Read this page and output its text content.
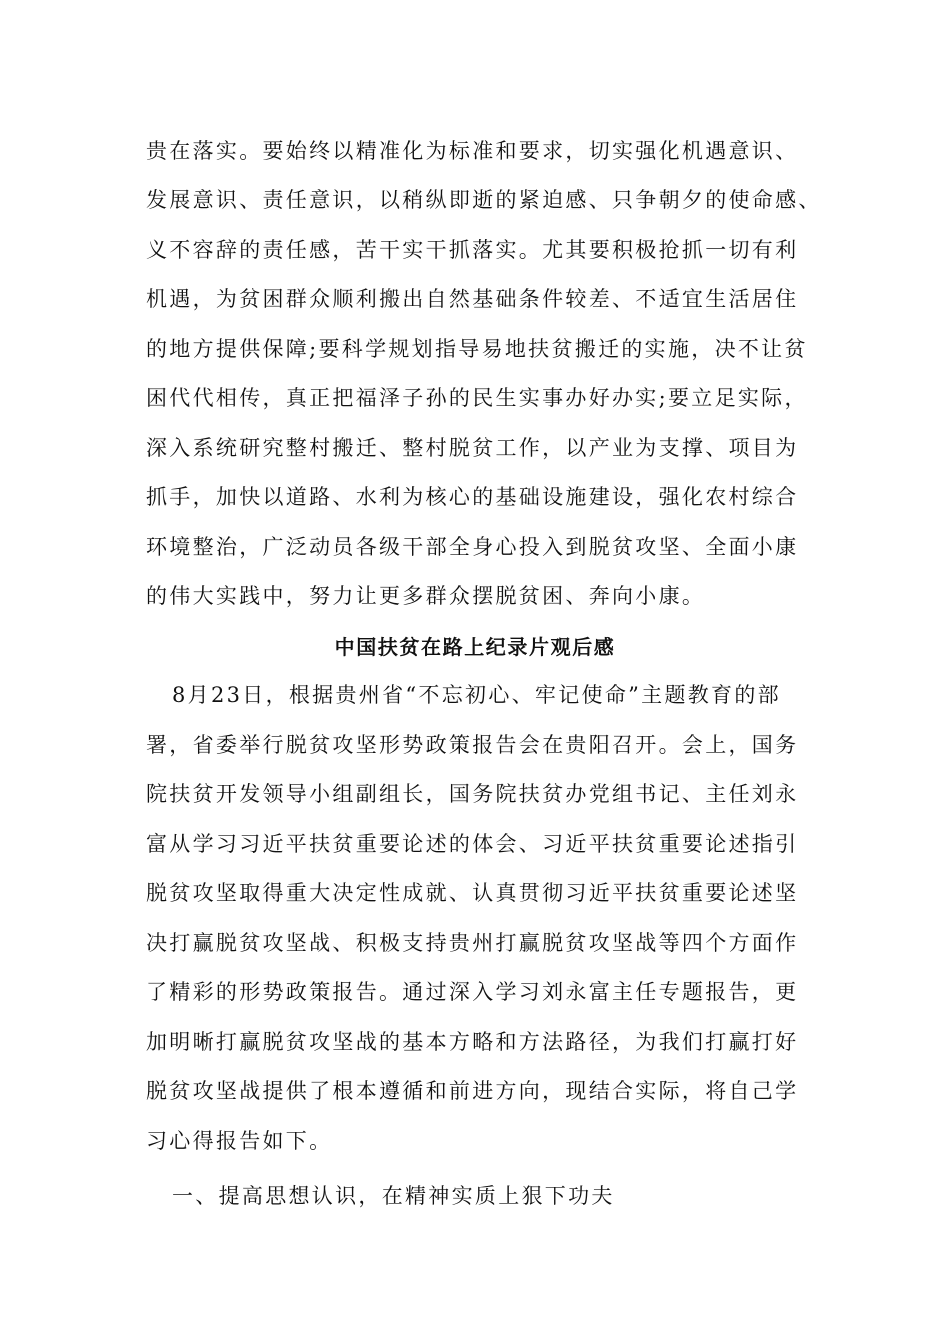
贵在落实。要始终以精准化为标准和要求，切实强化机遇意识、

发展意识、责任意识，以稍纵即逝的紧迫感、只争朝夕的使命感、

义不容辞的责任感，苦干实干抓落实。尤其要积极抢抓一切有利

机遇，为贫困群众顺利搬出自然基础条件较差、不适宜生活居住

的地方提供保障;要科学规划指导易地扶贫搬迁的实施，决不让贫

困代代相传，真正把福泽子孙的民生实事办好办实;要立足实际，

深入系统研究整村搬迁、整村脱贫工作，以产业为支撑、项目为

抓手，加快以道路、水利为核心的基础设施建设，强化农村综合

环境整治，广泛动员各级干部全身心投入到脱贫攻坚、全面小康

的伟大实践中，努力让更多群众摆脱贫困、奔向小康。

中国扶贫在路上纪录片观后感

8月23日，根据贵州省“不忘初心、牢记使命”主题教育的部

署，省委举行脱贫攻坚形势政策报告会在贵阳召开。会上，国务

院扶贫开发领导小组副组长，国务院扶贫办党组书记、主任刘永

富从学习习近平扶贫重要论述的体会、习近平扶贫重要论述指引

脱贫攻坚取得重大决定性成就、认真贯彻习近平扶贫重要论述坚

决打赢脱贫攻坚战、积极支持贵州打赢脱贫攻坚战等四个方面作

了精彩的形势政策报告。通过深入学习刘永富主任专题报告，更

加明晰打赢脱贫攻坚战的基本方略和方法路径，为我们打赢打好

脱贫攻坚战提供了根本遵循和前进方向，现结合实际，将自己学

习心得报告如下。

一、提高思想认识，在精神实质上狠下功夫
